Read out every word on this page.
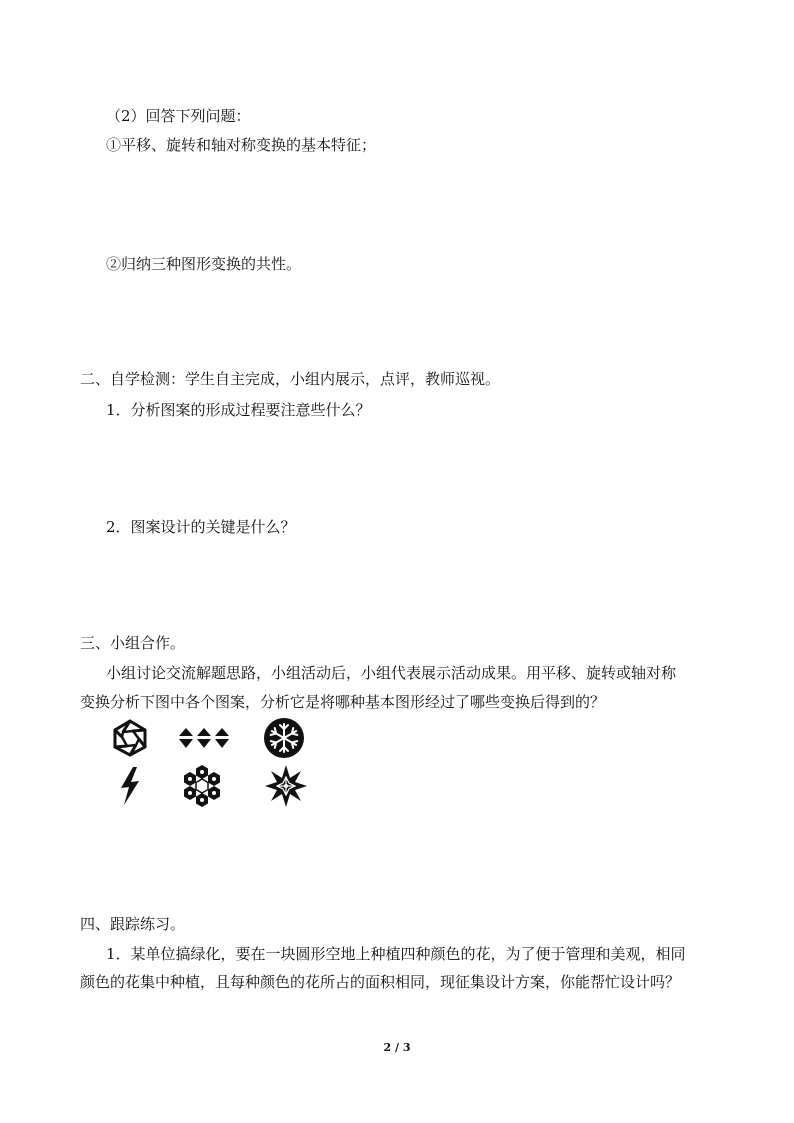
（2）回答下列问题：
①平移、旋转和轴对称变换的基本特征；
②归纳三种图形变换的共性。
二、自学检测：学生自主完成，小组内展示，点评，教师巡视。
1．分析图案的形成过程要注意些什么？
2．图案设计的关键是什么？
三、小组合作。
小组讨论交流解题思路，小组活动后，小组代表展示活动成果。用平移、旋转或轴对称
变换分析下图中各个图案，分析它是将哪种基本图形经过了哪些变换后得到的？
四、跟踪练习。
1．某单位搞绿化，要在一块圆形空地上种植四种颜色的花，为了便于管理和美观，相同
颜色的花集中种植，且每种颜色的花所占的面积相同，现征集设计方案，你能帮忙设计吗？
2 / 3
